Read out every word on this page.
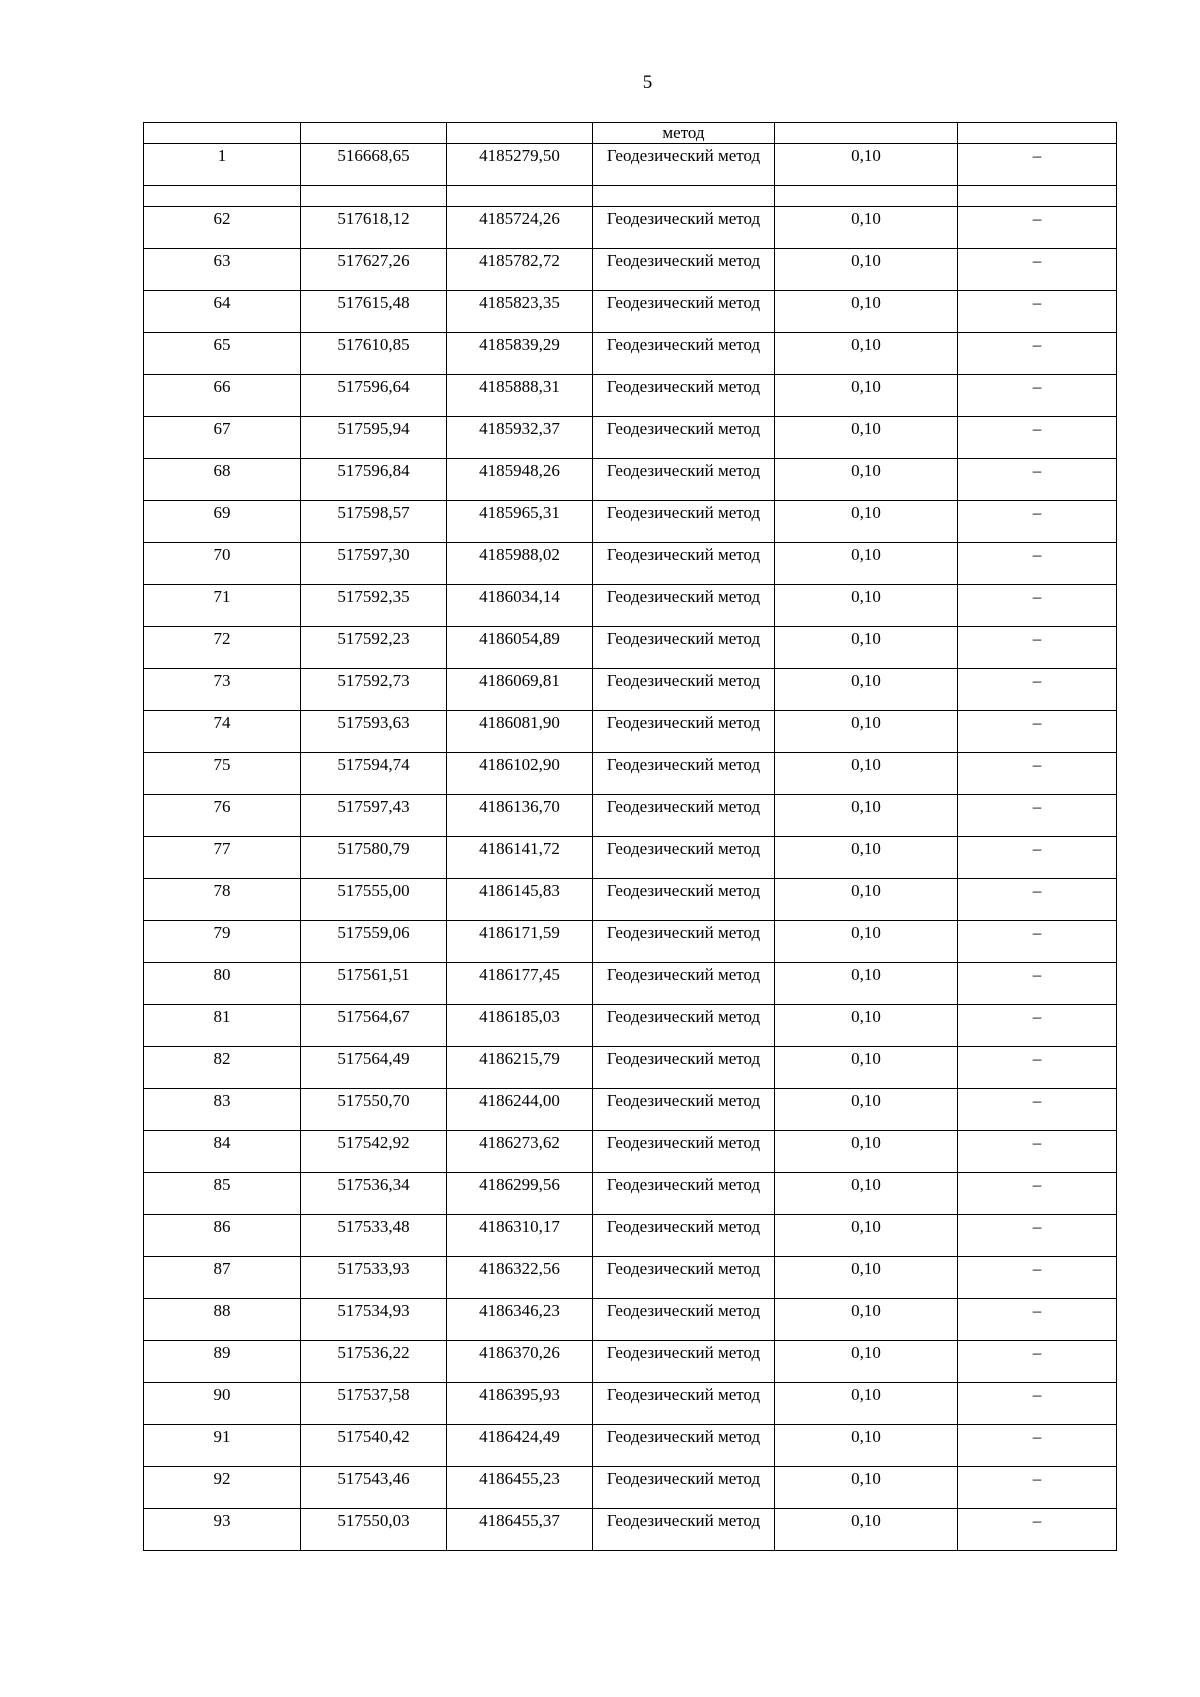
5
			метод		
1	516668,65	4185279,50	Геодезический метод	0,10	–

62	517618,12	4185724,26	Геодезический метод	0,10	–
63	517627,26	4185782,72	Геодезический метод	0,10	–
64	517615,48	4185823,35	Геодезический метод	0,10	–
65	517610,85	4185839,29	Геодезический метод	0,10	–
66	517596,64	4185888,31	Геодезический метод	0,10	–
67	517595,94	4185932,37	Геодезический метод	0,10	–
68	517596,84	4185948,26	Геодезический метод	0,10	–
69	517598,57	4185965,31	Геодезический метод	0,10	–
70	517597,30	4185988,02	Геодезический метод	0,10	–
71	517592,35	4186034,14	Геодезический метод	0,10	–
72	517592,23	4186054,89	Геодезический метод	0,10	–
73	517592,73	4186069,81	Геодезический метод	0,10	–
74	517593,63	4186081,90	Геодезический метод	0,10	–
75	517594,74	4186102,90	Геодезический метод	0,10	–
76	517597,43	4186136,70	Геодезический метод	0,10	–
77	517580,79	4186141,72	Геодезический метод	0,10	–
78	517555,00	4186145,83	Геодезический метод	0,10	–
79	517559,06	4186171,59	Геодезический метод	0,10	–
80	517561,51	4186177,45	Геодезический метод	0,10	–
81	517564,67	4186185,03	Геодезический метод	0,10	–
82	517564,49	4186215,79	Геодезический метод	0,10	–
83	517550,70	4186244,00	Геодезический метод	0,10	–
84	517542,92	4186273,62	Геодезический метод	0,10	–
85	517536,34	4186299,56	Геодезический метод	0,10	–
86	517533,48	4186310,17	Геодезический метод	0,10	–
87	517533,93	4186322,56	Геодезический метод	0,10	–
88	517534,93	4186346,23	Геодезический метод	0,10	–
89	517536,22	4186370,26	Геодезический метод	0,10	–
90	517537,58	4186395,93	Геодезический метод	0,10	–
91	517540,42	4186424,49	Геодезический метод	0,10	–
92	517543,46	4186455,23	Геодезический метод	0,10	–
93	517550,03	4186455,37	Геодезический метод	0,10	–
